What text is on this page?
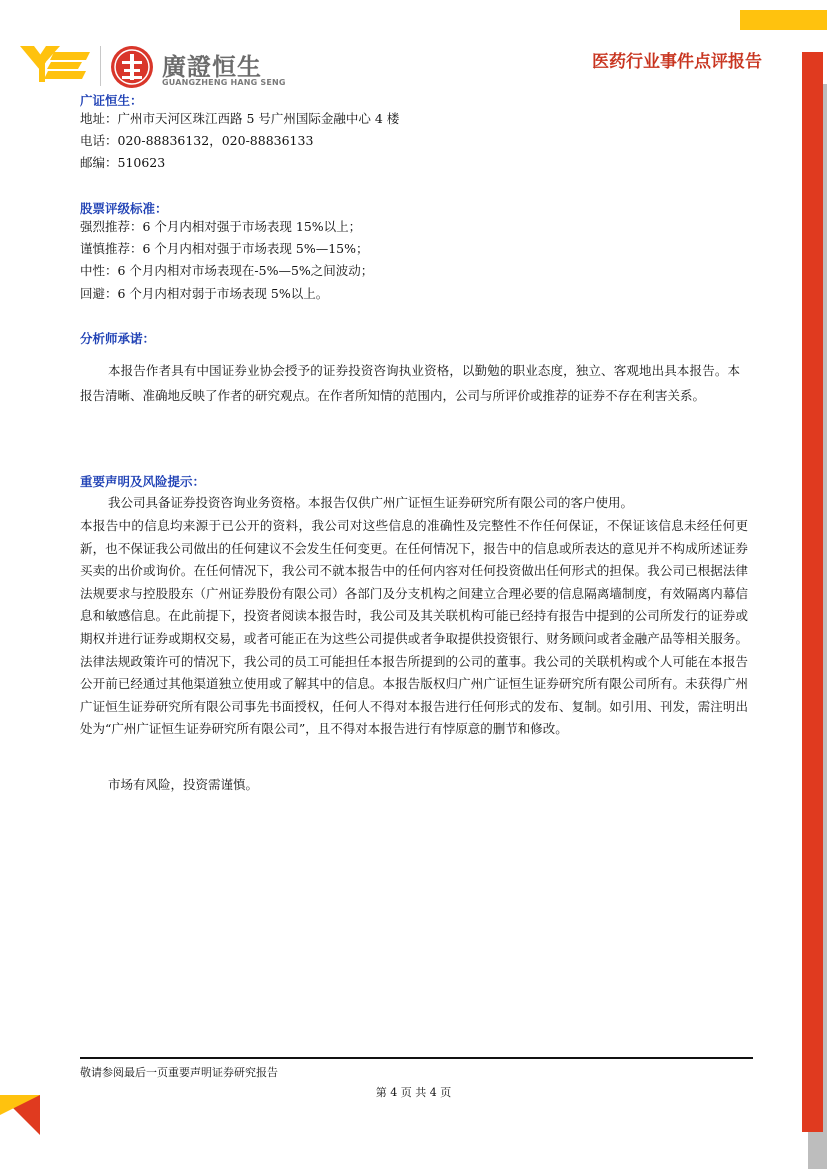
廣證恒生
GUANGZHENG HANG SENG
医药行业事件点评报告
广证恒生：
地址：广州市天河区珠江西路 5 号广州国际金融中心 4 楼
电话：020-88836132，020-88836133
邮编：510623
股票评级标准：
强烈推荐：6 个月内相对强于市场表现 15%以上；
谨慎推荐：6 个月内相对强于市场表现 5%—15%；
中性：6 个月内相对市场表现在-5%—5%之间波动；
回避：6 个月内相对弱于市场表现 5%以上。
分析师承诺：
本报告作者具有中国证券业协会授予的证券投资咨询执业资格，以勤勉的职业态度，独立、客观地出具本报告。本报告清晰、准确地反映了作者的研究观点。在作者所知情的范围内，公司与所评价或推荐的证券不存在利害关系。
重要声明及风险提示：
我公司具备证券投资咨询业务资格。本报告仅供广州广证恒生证券研究所有限公司的客户使用。
本报告中的信息均来源于已公开的资料，我公司对这些信息的准确性及完整性不作任何保证，不保证该信息未经任何更新，也不保证我公司做出的任何建议不会发生任何变更。在任何情况下，报告中的信息或所表达的意见并不构成所述证券买卖的出价或询价。在任何情况下，我公司不就本报告中的任何内容对任何投资做出任何形式的担保。我公司已根据法律法规要求与控股股东（广州证券股份有限公司）各部门及分支机构之间建立合理必要的信息隔离墙制度，有效隔离内幕信息和敏感信息。在此前提下，投资者阅读本报告时，我公司及其关联机构可能已经持有报告中提到的公司所发行的证券或期权并进行证券或期权交易，或者可能正在为这些公司提供或者争取提供投资银行、财务顾问或者金融产品等相关服务。法律法规政策许可的情况下，我公司的员工可能担任本报告所提到的公司的董事。我公司的关联机构或个人可能在本报告公开前已经通过其他渠道独立使用或了解其中的信息。本报告版权归广州广证恒生证券研究所有限公司所有。未获得广州广证恒生证券研究所有限公司事先书面授权，任何人不得对本报告进行任何形式的发布、复制。如引用、刊发，需注明出处为“广州广证恒生证券研究所有限公司”，且不得对本报告进行有悖原意的删节和修改。
市场有风险，投资需谨慎。
敬请参阅最后一页重要声明证券研究报告
第 4 页 共 4 页
